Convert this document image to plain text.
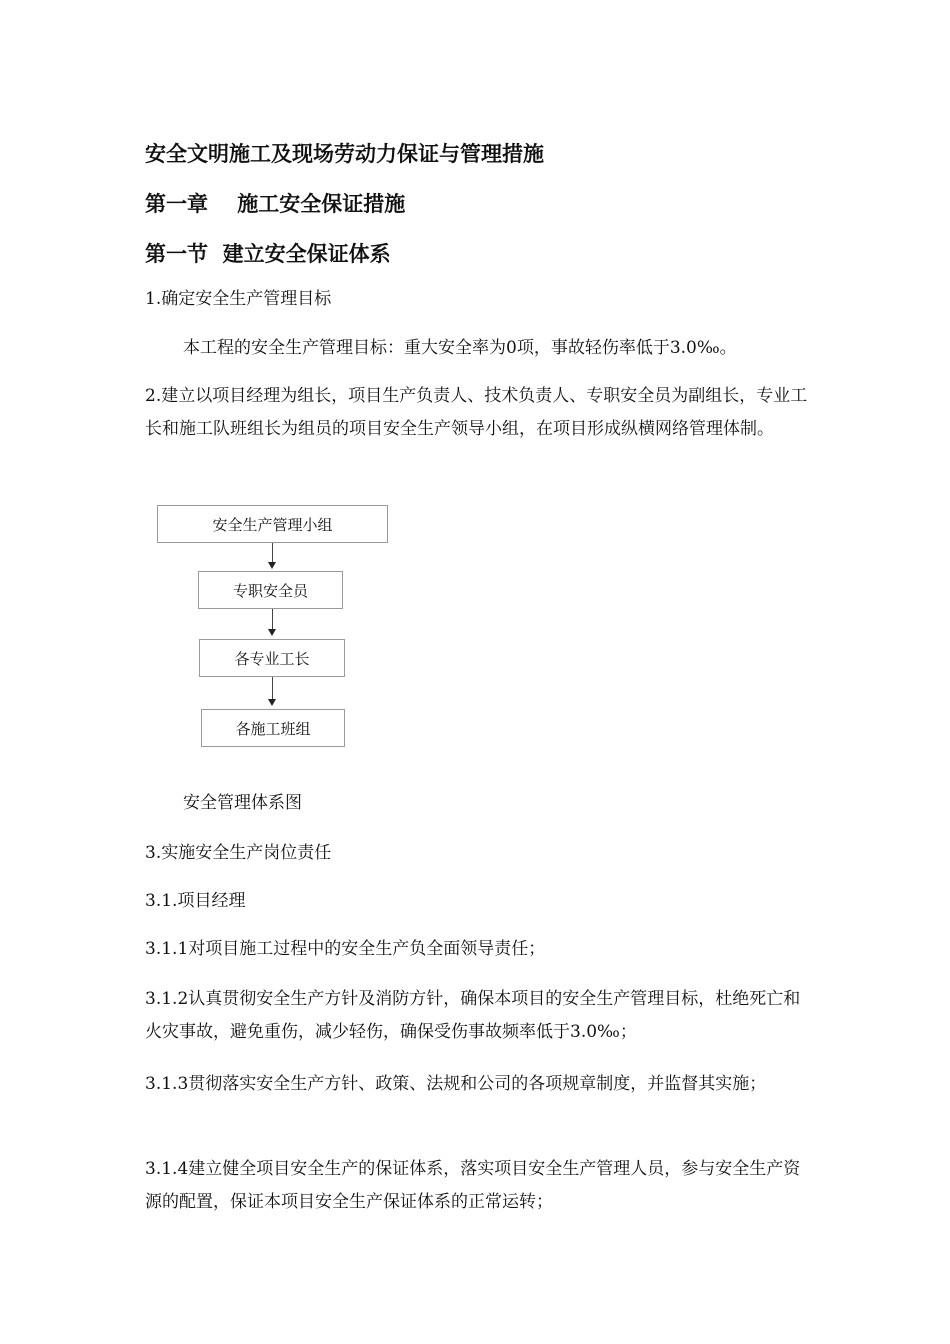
安全文明施工及现场劳动力保证与管理措施
第一章    施工安全保证措施
第一节  建立安全保证体系
1.确定安全生产管理目标
本工程的安全生产管理目标：重大安全率为0项，事故轻伤率低于3.0‰。
2.建立以项目经理为组长，项目生产负责人、技术负责人、专职安全员为副组长，专业工长和施工队班组长为组员的项目安全生产领导小组，在项目形成纵横网络管理体制。
安全生产管理小组
专职安全员
各专业工长
各施工班组
安全管理体系图
3.实施安全生产岗位责任
3.1.项目经理
3.1.1对项目施工过程中的安全生产负全面领导责任；
3.1.2认真贯彻安全生产方针及消防方针，确保本项目的安全生产管理目标，杜绝死亡和火灾事故，避免重伤，减少轻伤，确保受伤事故频率低于3.0‰；
3.1.3贯彻落实安全生产方针、政策、法规和公司的各项规章制度，并监督其实施；
3.1.4建立健全项目安全生产的保证体系，落实项目安全生产管理人员，参与安全生产资源的配置，保证本项目安全生产保证体系的正常运转；
